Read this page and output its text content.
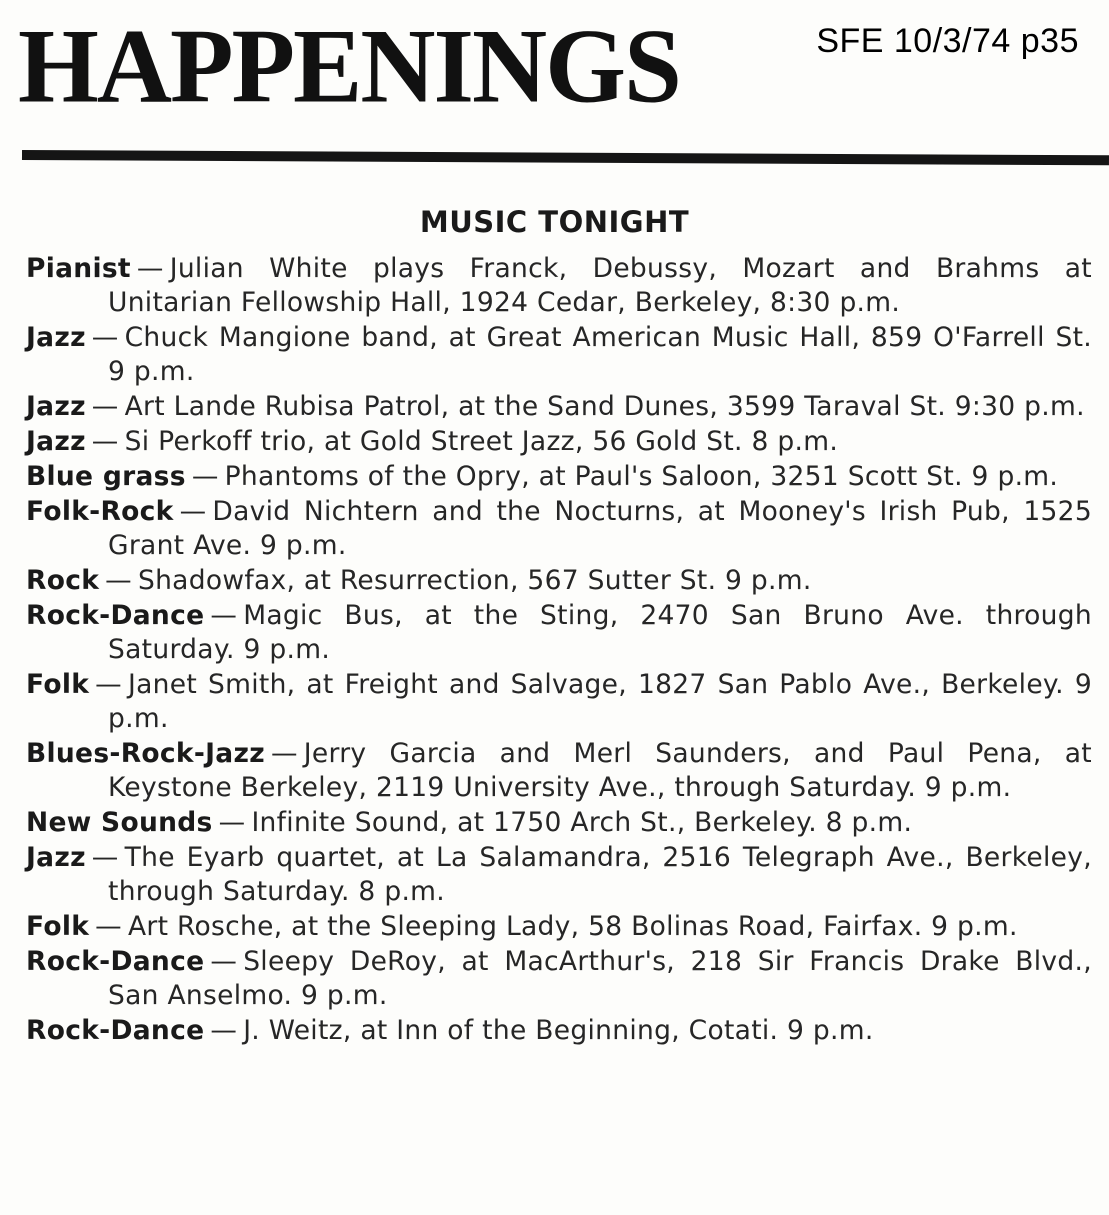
HAPPENINGS	SFE 10/3/74 p35
MUSIC TONIGHT

Pianist — Julian White plays Franck, Debussy, Mozart and Brahms at Unitarian Fellowship Hall, 1924 Cedar, Berkeley, 8:30 p.m.

Jazz — Chuck Mangione band, at Great American Music Hall, 859 O'Farrell St. 9 p.m.

Jazz — Art Lande Rubisa Patrol, at the Sand Dunes, 3599 Taraval St. 9:30 p.m.

Jazz — Si Perkoff trio, at Gold Street Jazz, 56 Gold St. 8 p.m.

Blue grass — Phantoms of the Opry, at Paul's Saloon, 3251 Scott St. 9 p.m.

Folk-Rock — David Nichtern and the Nocturns, at Mooney's Irish Pub, 1525 Grant Ave. 9 p.m.

Rock — Shadowfax, at Resurrection, 567 Sutter St. 9 p.m.

Rock-Dance — Magic Bus, at the Sting, 2470 San Bruno Ave. through Saturday. 9 p.m.

Folk — Janet Smith, at Freight and Salvage, 1827 San Pablo Ave., Berkeley. 9 p.m.

Blues-Rock-Jazz — Jerry Garcia and Merl Saunders, and Paul Pena, at Keystone Berkeley, 2119 University Ave., through Saturday. 9 p.m.

New Sounds — Infinite Sound, at 1750 Arch St., Berkeley. 8 p.m.

Jazz — The Eyarb quartet, at La Salamandra, 2516 Telegraph Ave., Berkeley, through Saturday. 8 p.m.

Folk — Art Rosche, at the Sleeping Lady, 58 Bolinas Road, Fairfax. 9 p.m.

Rock-Dance — Sleepy DeRoy, at MacArthur's, 218 Sir Francis Drake Blvd., San Anselmo. 9 p.m.

Rock-Dance — J. Weitz, at Inn of the Beginning, Cotati. 9 p.m.
